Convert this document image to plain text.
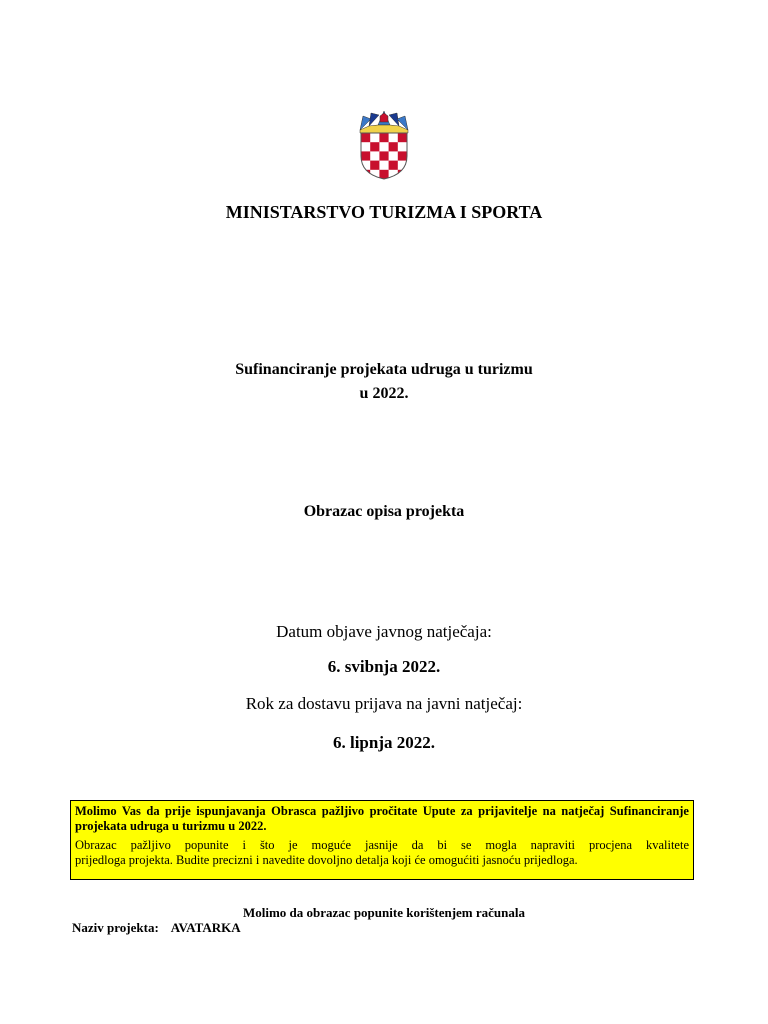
MINISTARSTVO TURIZMA I SPORTA
Sufinanciranje projekata udruga u turizmu
u 2022.
Obrazac opisa projekta
Datum objave javnog natječaja:
6. svibnja 2022.
Rok za dostavu prijava na javni natječaj:
6. lipnja 2022.
Molimo Vas da prije ispunjavanja Obrasca pažljivo pročitate Upute za prijavitelje na natječaj Sufinanciranje projekata udruga u turizmu u 2022.
Obrazac pažljivo popunite i što je moguće jasnije da bi se mogla napraviti procjena kvalitete
prijedloga projekta. Budite precizni i navedite dovoljno detalja koji će omogućiti jasnoću prijedloga.
Molimo da obrazac popunite korištenjem računala
Naziv projekta: AVATARKA
